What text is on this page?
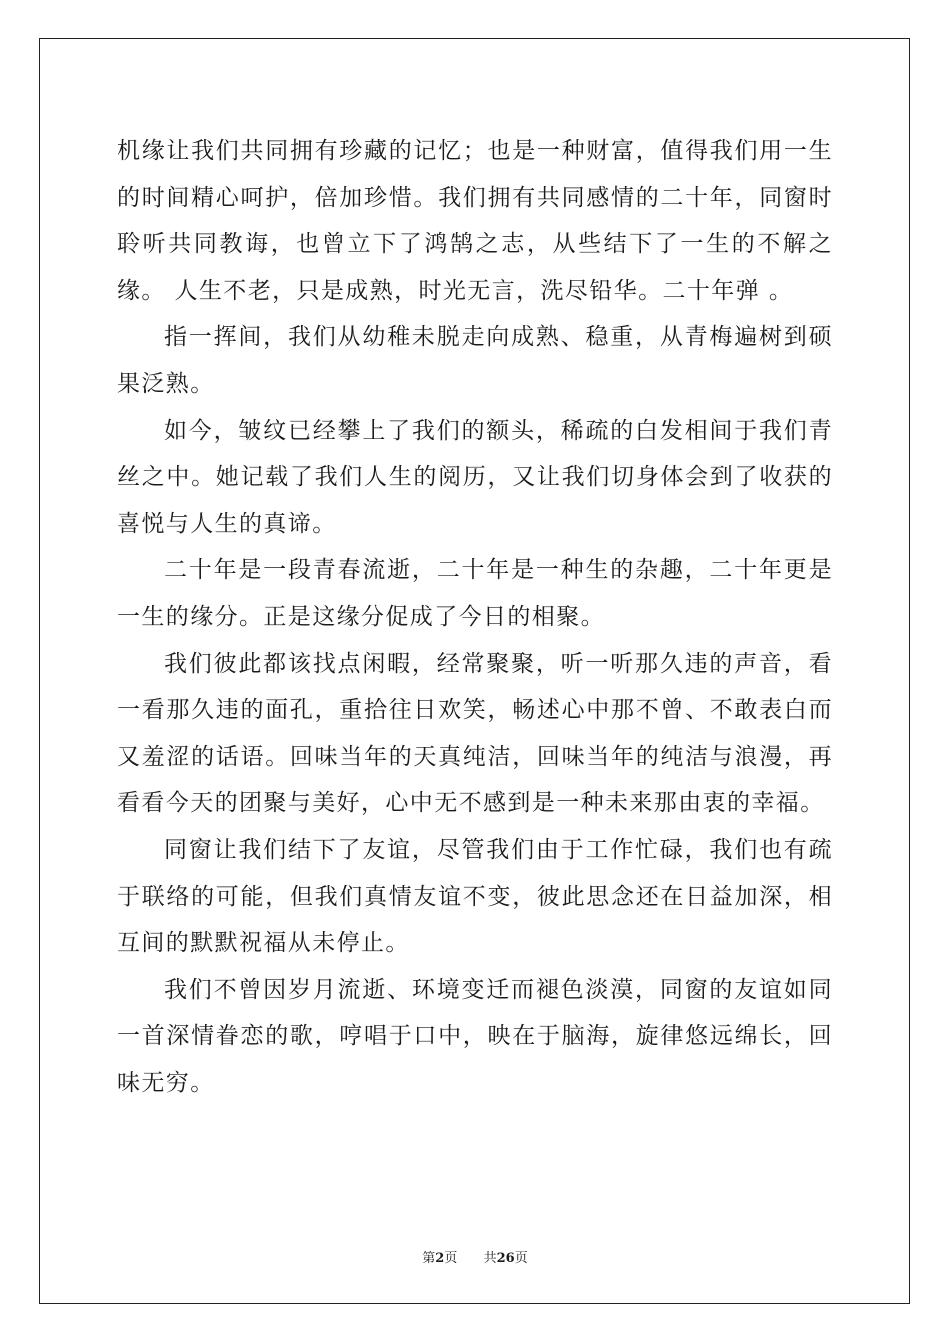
机缘让我们共同拥有珍藏的记忆；也是一种财富，值得我们用一生的时间精心呵护，倍加珍惜。我们拥有共同感情的二十年，同窗时聆听共同教诲，也曾立下了鸿鹄之志，从些结下了一生的不解之缘。 人生不老，只是成熟，时光无言，洗尽铅华。二十年弹 。

指一挥间，我们从幼稚未脱走向成熟、稳重，从青梅遍树到硕果泛熟。

如今，皱纹已经攀上了我们的额头，稀疏的白发相间于我们青丝之中。她记载了我们人生的阅历，又让我们切身体会到了收获的喜悦与人生的真谛。

二十年是一段青春流逝，二十年是一种生的杂趣，二十年更是一生的缘分。正是这缘分促成了今日的相聚。

我们彼此都该找点闲暇，经常聚聚，听一听那久违的声音，看一看那久违的面孔，重拾往日欢笑，畅述心中那不曾、不敢表白而又羞涩的话语。回味当年的天真纯洁，回味当年的纯洁与浪漫，再看看今天的团聚与美好，心中无不感到是一种未来那由衷的幸福。

同窗让我们结下了友谊，尽管我们由于工作忙碌，我们也有疏于联络的可能，但我们真情友谊不变，彼此思念还在日益加深，相互间的默默祝福从未停止。

我们不曾因岁月流逝、环境变迁而褪色淡漠，同窗的友谊如同一首深情眷恋的歌，哼唱于口中，映在于脑海，旋律悠远绵长，回味无穷。

第2页 共26页
